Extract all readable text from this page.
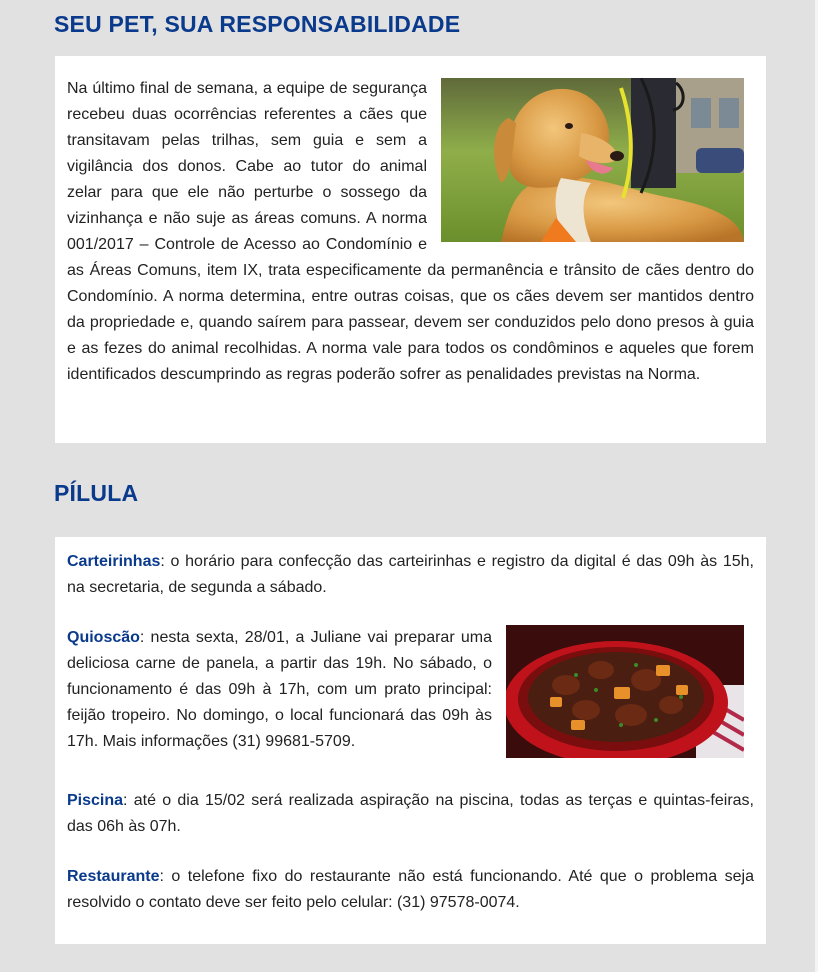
SEU PET, SUA RESPONSABILIDADE

Na último final de semana, a equipe de segurança recebeu duas ocorrências referentes a cães que transitavam pelas trilhas, sem guia e sem a vigilância dos donos. Cabe ao tutor do animal zelar para que ele não perturbe o sossego da vizinhança e não suje as áreas comuns. A norma 001/2017 – Controle de Acesso ao Condomínio e as Áreas Comuns, item IX, trata especificamente da permanência e trânsito de cães dentro do Condomínio. A norma determina, entre outras coisas, que os cães devem ser mantidos dentro da propriedade e, quando saírem para passear, devem ser conduzidos pelo dono presos à guia e as fezes do animal recolhidas. A norma vale para todos os condôminos e aqueles que forem identificados descumprindo as regras poderão sofrer as penalidades previstas na Norma.

PÍLULA

Carteirinhas: o horário para confecção das carteirinhas e registro da digital é das 09h às 15h, na secretaria, de segunda a sábado.

Quioscão: nesta sexta, 28/01, a Juliane vai preparar uma deliciosa carne de panela, a partir das 19h. No sábado, o funcionamento é das 09h à 17h, com um prato principal: feijão tropeiro. No domingo, o local funcionará das 09h às 17h. Mais informações (31) 99681-5709.

Piscina: até o dia 15/02 será realizada aspiração na piscina, todas as terças e quintas-feiras, das 06h às 07h.

Restaurante: o telefone fixo do restaurante não está funcionando. Até que o problema seja resolvido o contato deve ser feito pelo celular: (31) 97578-0074.
